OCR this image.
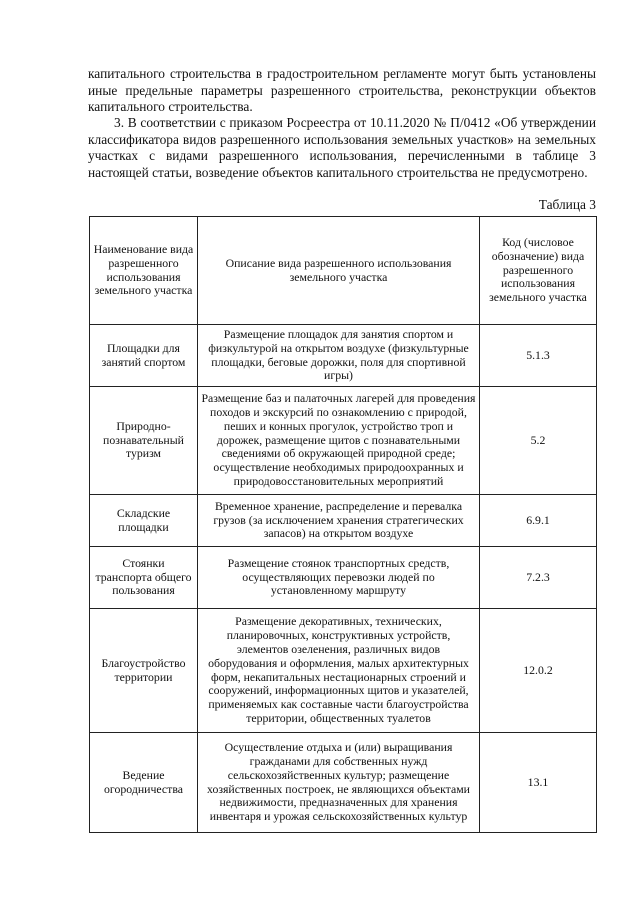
капитального строительства в градостроительном регламенте могут быть установлены иные предельные параметры разрешенного строительства, реконструкции объектов капитального строительства.

3. В соответствии с приказом Росреестра от 10.11.2020 № П/0412 «Об утверждении классификатора видов разрешенного использования земельных участков» на земельных участках с видами разрешенного использования, перечисленными в таблице 3 настоящей статьи, возведение объектов капитального строительства не предусмотрено.

Таблица 3
Наименование вида разрешенного использования земельного участка	Описание вида разрешенного использования земельного участка	Код (числовое обозначение) вида разрешенного использования земельного участка
Площадки для занятий спортом	Размещение площадок для занятия спортом и физкультурой на открытом воздухе (физкультурные площадки, беговые дорожки, поля для спортивной игры)	5.1.3
Природно-познавательный туризм	Размещение баз и палаточных лагерей для проведения походов и экскурсий по ознакомлению с природой, пеших и конных прогулок, устройство троп и дорожек, размещение щитов с познавательными сведениями об окружающей природной среде; осуществление необходимых природоохранных и природовосстановительных мероприятий	5.2
Складские площадки	Временное хранение, распределение и перевалка грузов (за исключением хранения стратегических запасов) на открытом воздухе	6.9.1
Стоянки транспорта общего пользования	Размещение стоянок транспортных средств, осуществляющих перевозки людей по установленному маршруту	7.2.3
Благоустройство территории	Размещение декоративных, технических, планировочных, конструктивных устройств, элементов озеленения, различных видов оборудования и оформления, малых архитектурных форм, некапитальных нестационарных строений и сооружений, информационных щитов и указателей, применяемых как составные части благоустройства территории, общественных туалетов	12.0.2
Ведение огородничества	Осуществление отдыха и (или) выращивания гражданами для собственных нужд сельскохозяйственных культур; размещение хозяйственных построек, не являющихся объектами недвижимости, предназначенных для хранения инвентаря и урожая сельскохозяйственных культур	13.1
